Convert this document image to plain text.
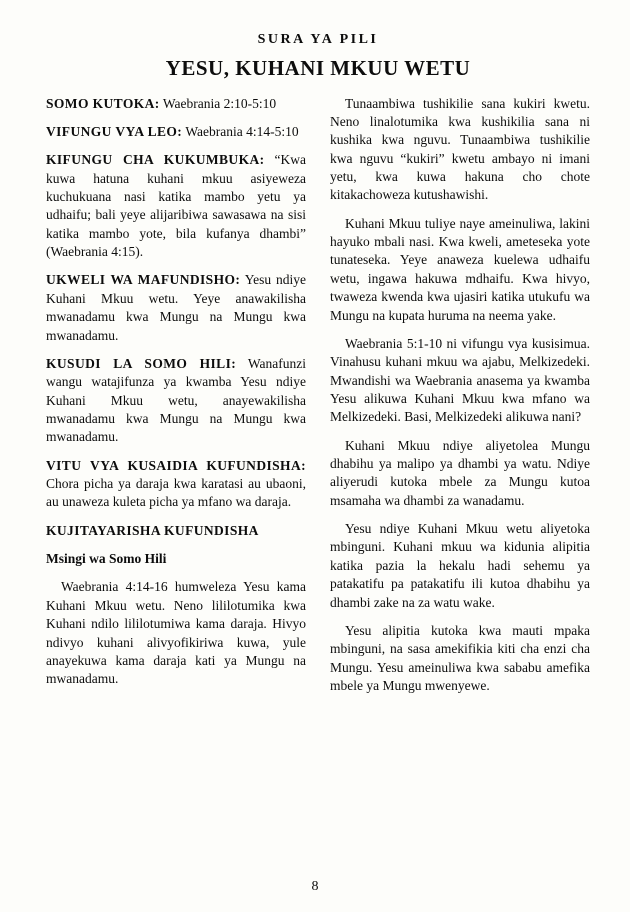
SURA YA PILI
YESU, KUHANI MKUU WETU

SOMO KUTOKA: Waebrania 2:10-5:10

VIFUNGU VYA LEO: Waebrania 4:14-5:10

KIFUNGU CHA KUKUMBUKA: “Kwa kuwa hatuna kuhani mkuu asiyeweza kuchukuana nasi katika mambo yetu ya udhaifu; bali yeye alijaribiwa sawasawa na sisi katika mambo yote, bila kufanya dhambi” (Waebrania 4:15).

UKWELI WA MAFUNDISHO: Yesu ndiye Kuhani Mkuu wetu. Yeye anawakilisha mwanadamu kwa Mungu na Mungu kwa mwanadamu.

KUSUDI LA SOMO HILI: Wanafunzi wangu watajifunza ya kwamba Yesu ndiye Kuhani Mkuu wetu, anayewakilisha mwanadamu kwa Mungu na Mungu kwa mwanadamu.

VITU VYA KUSAIDIA KUFUNDISHA: Chora picha ya daraja kwa karatasi au ubaoni, au unaweza kuleta picha ya mfano wa daraja.

KUJITAYARISHA KUFUNDISHA
Msingi wa Somo Hili

Waebrania 4:14-16 humweleza Yesu kama Kuhani Mkuu wetu. Neno lililotumika kwa Kuhani ndilo lililotumiwa kama daraja. Hivyo ndivyo kuhani alivyofikiriwa kuwa, yule anayekuwa kama daraja kati ya Mungu na mwanadamu.

Tunaambiwa tushikilie sana kukiri kwetu. Neno linalotumika kwa kushikilia sana ni kushika kwa nguvu. Tunaambiwa tushikilie kwa nguvu “kukiri” kwetu ambayo ni imani yetu, kwa kuwa hakuna cho chote kitakachoweza kutushawishi.

Kuhani Mkuu tuliye naye ameinuliwa, lakini hayuko mbali nasi. Kwa kweli, ameteseka yote tunateseka. Yeye anaweza kuelewa udhaifu wetu, ingawa hakuwa mdhaifu. Kwa hivyo, twaweza kwenda kwa ujasiri katika utukufu wa Mungu na kupata huruma na neema yake.

Waebrania 5:1-10 ni vifungu vya kusisimua. Vinahusu kuhani mkuu wa ajabu, Melkizedeki. Mwandishi wa Waebrania anasema ya kwamba Yesu alikuwa Kuhani Mkuu kwa mfano wa Melkizedeki. Basi, Melkizedeki alikuwa nani?

Kuhani Mkuu ndiye aliyetolea Mungu dhabihu ya malipo ya dhambi ya watu. Ndiye aliyerudi kutoka mbele za Mungu kutoa msamaha wa dhambi za wanadamu.

Yesu ndiye Kuhani Mkuu wetu aliyetoka mbinguni. Kuhani mkuu wa kidunia alipitia katika pazia la hekalu hadi sehemu ya patakatifu pa patakatifu ili kutoa dhabihu ya dhambi zake na za watu wake.

Yesu alipitia kutoka kwa mauti mpaka mbinguni, na sasa amekifikia kiti cha enzi cha Mungu. Yesu ameinuliwa kwa sababu amefika mbele ya Mungu mwenyewe.

8
